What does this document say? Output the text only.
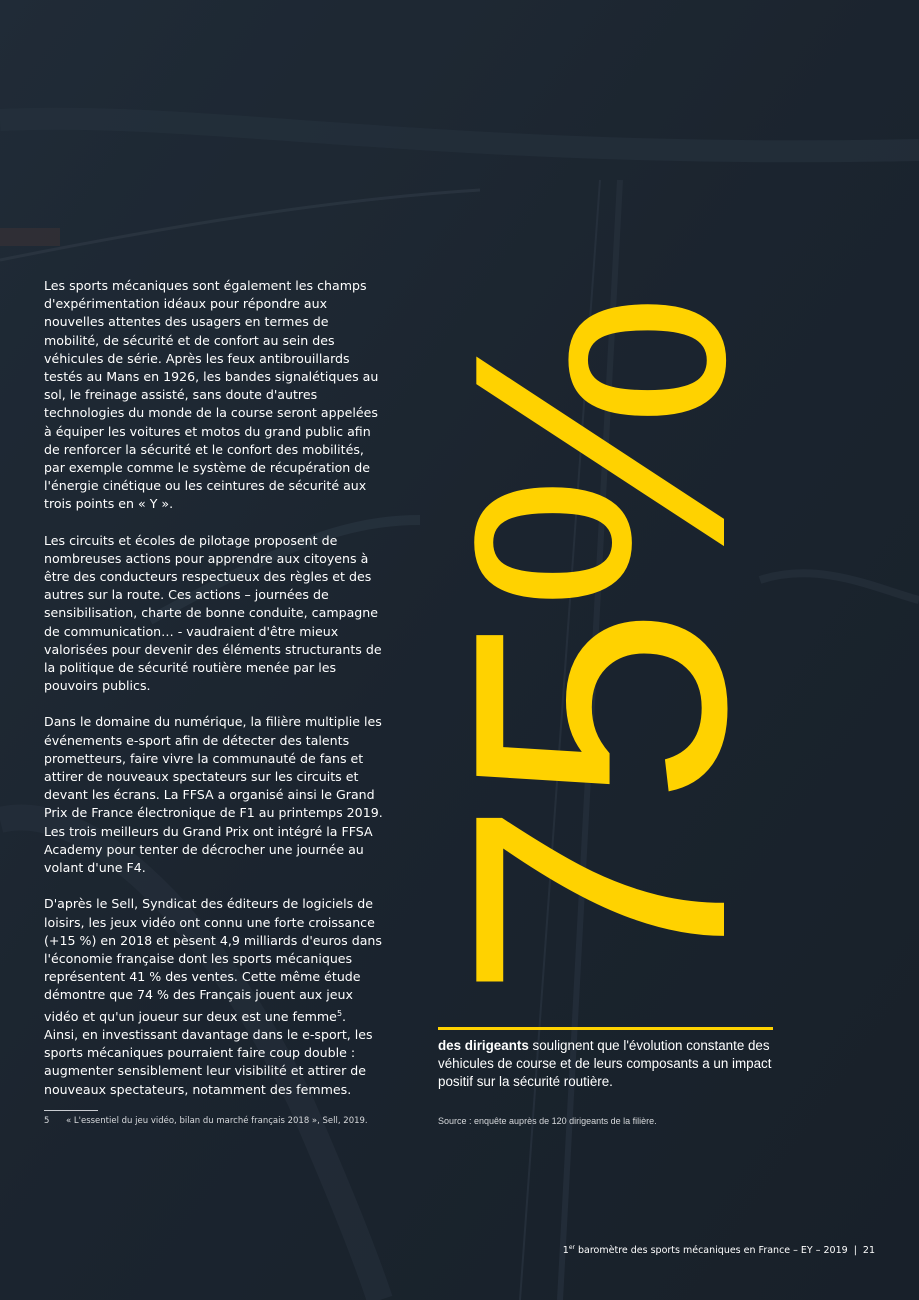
Les sports mécaniques sont également les champs d'expérimentation idéaux pour répondre aux nouvelles attentes des usagers en termes de mobilité, de sécurité et de confort au sein des véhicules de série. Après les feux antibrouillards testés au Mans en 1926, les bandes signalétiques au sol, le freinage assisté, sans doute d'autres technologies du monde de la course seront appelées à équiper les voitures et motos du grand public afin de renforcer la sécurité et le confort des mobilités, par exemple comme le système de récupération de l'énergie cinétique ou les ceintures de sécurité aux trois points en « Y ».

Les circuits et écoles de pilotage proposent de nombreuses actions pour apprendre aux citoyens à être des conducteurs respectueux des règles et des autres sur la route. Ces actions – journées de sensibilisation, charte de bonne conduite, campagne de communication… - vaudraient d'être mieux valorisées pour devenir des éléments structurants de la politique de sécurité routière menée par les pouvoirs publics.

Dans le domaine du numérique, la filière multiplie les événements e-sport afin de détecter des talents prometteurs, faire vivre la communauté de fans et attirer de nouveaux spectateurs sur les circuits et devant les écrans. La FFSA a organisé ainsi le Grand Prix de France électronique de F1 au printemps 2019. Les trois meilleurs du Grand Prix ont intégré la FFSA Academy pour tenter de décrocher une journée au volant d'une F4.

D'après le Sell, Syndicat des éditeurs de logiciels de loisirs, les jeux vidéo ont connu une forte croissance (+15 %) en 2018 et pèsent 4,9 milliards d'euros dans l'économie française dont les sports mécaniques représentent 41 % des ventes. Cette même étude démontre que 74 % des Français jouent aux jeux vidéo et qu'un joueur sur deux est une femme$^5$. Ainsi, en investissant davantage dans le e-sport, les sports mécaniques pourraient faire coup double : augmenter sensiblement leur visibilité et attirer de nouveaux spectateurs, notamment des femmes.

5 « L'essentiel du jeu vidéo, bilan du marché français 2018 », Sell, 2019.
75%
des dirigeants soulignent que l'évolution constante des véhicules de course et de leurs composants a un impact positif sur la sécurité routière.
Source : enquête auprès de 120 dirigeants de la filière.
1er baromètre des sports mécaniques en France – EY – 2019 | 21
